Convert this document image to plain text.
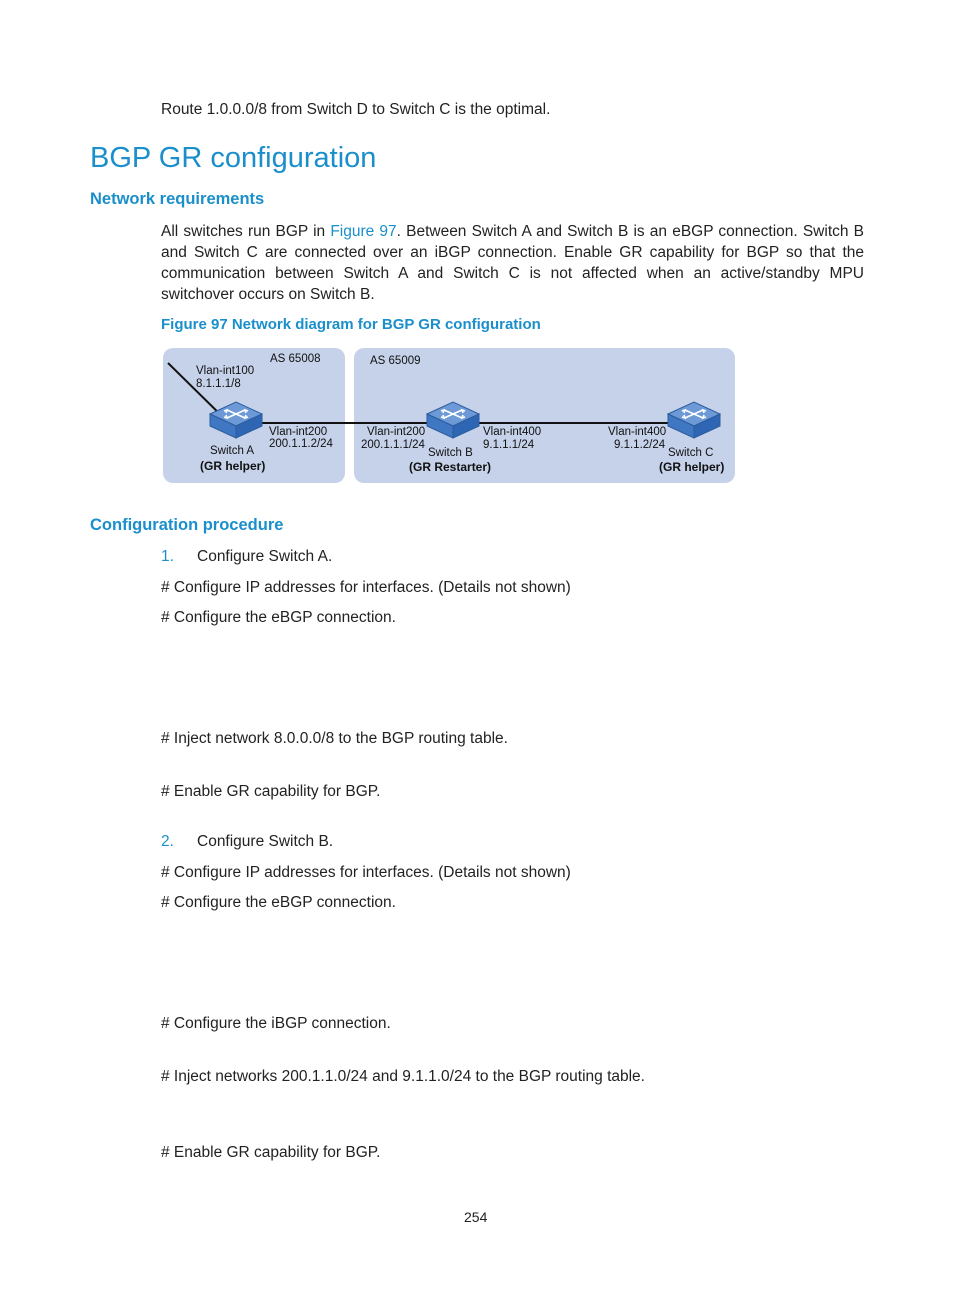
Route 1.0.0.0/8 from Switch D to Switch C is the optimal.
BGP GR configuration
Network requirements
All switches run BGP in Figure 97. Between Switch A and Switch B is an eBGP connection. Switch B and Switch C are connected over an iBGP connection. Enable GR capability for BGP so that the communication between Switch A and Switch C is not affected when an active/standby MPU switchover occurs on Switch B.
Figure 97 Network diagram for BGP GR configuration
AS 65008	AS 65009
Vlan-int100
8.1.1.1/8
Vlan-int200
200.1.1.2/24
Switch A
(GR helper)
Vlan-int200
200.1.1.1/24
Vlan-int400
9.1.1.1/24
Switch B
(GR Restarter)
Vlan-int400
9.1.1.2/24
Switch C
(GR helper)
Configuration procedure
1. Configure Switch A.
# Configure IP addresses for interfaces. (Details not shown)
# Configure the eBGP connection.
# Inject network 8.0.0.0/8 to the BGP routing table.
# Enable GR capability for BGP.
2. Configure Switch B.
# Configure IP addresses for interfaces. (Details not shown)
# Configure the eBGP connection.
# Configure the iBGP connection.
# Inject networks 200.1.1.0/24 and 9.1.1.0/24 to the BGP routing table.
# Enable GR capability for BGP.
254
